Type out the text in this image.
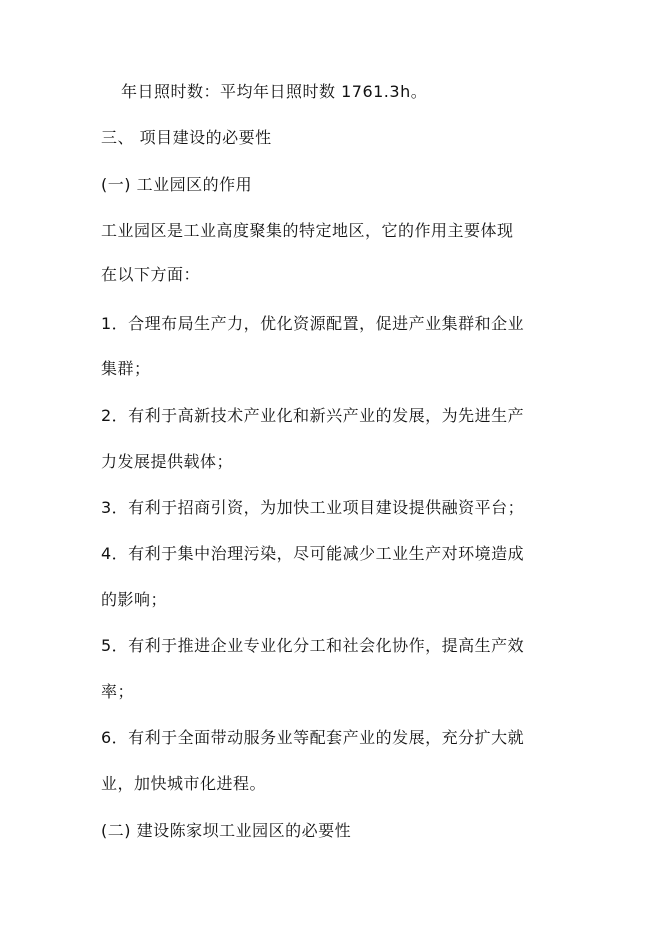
年日照时数：平均年日照时数 1761.3h。
三、 项目建设的必要性
(一) 工业园区的作用
工业园区是工业高度聚集的特定地区，它的作用主要体现
在以下方面：
1．合理布局生产力，优化资源配置，促进产业集群和企业
集群；
2．有利于高新技术产业化和新兴产业的发展，为先进生产
力发展提供载体；
3．有利于招商引资，为加快工业项目建设提供融资平台；
4．有利于集中治理污染，尽可能减少工业生产对环境造成
的影响；
5．有利于推进企业专业化分工和社会化协作，提高生产效
率；
6．有利于全面带动服务业等配套产业的发展，充分扩大就
业，加快城市化进程。
(二) 建设陈家坝工业园区的必要性
